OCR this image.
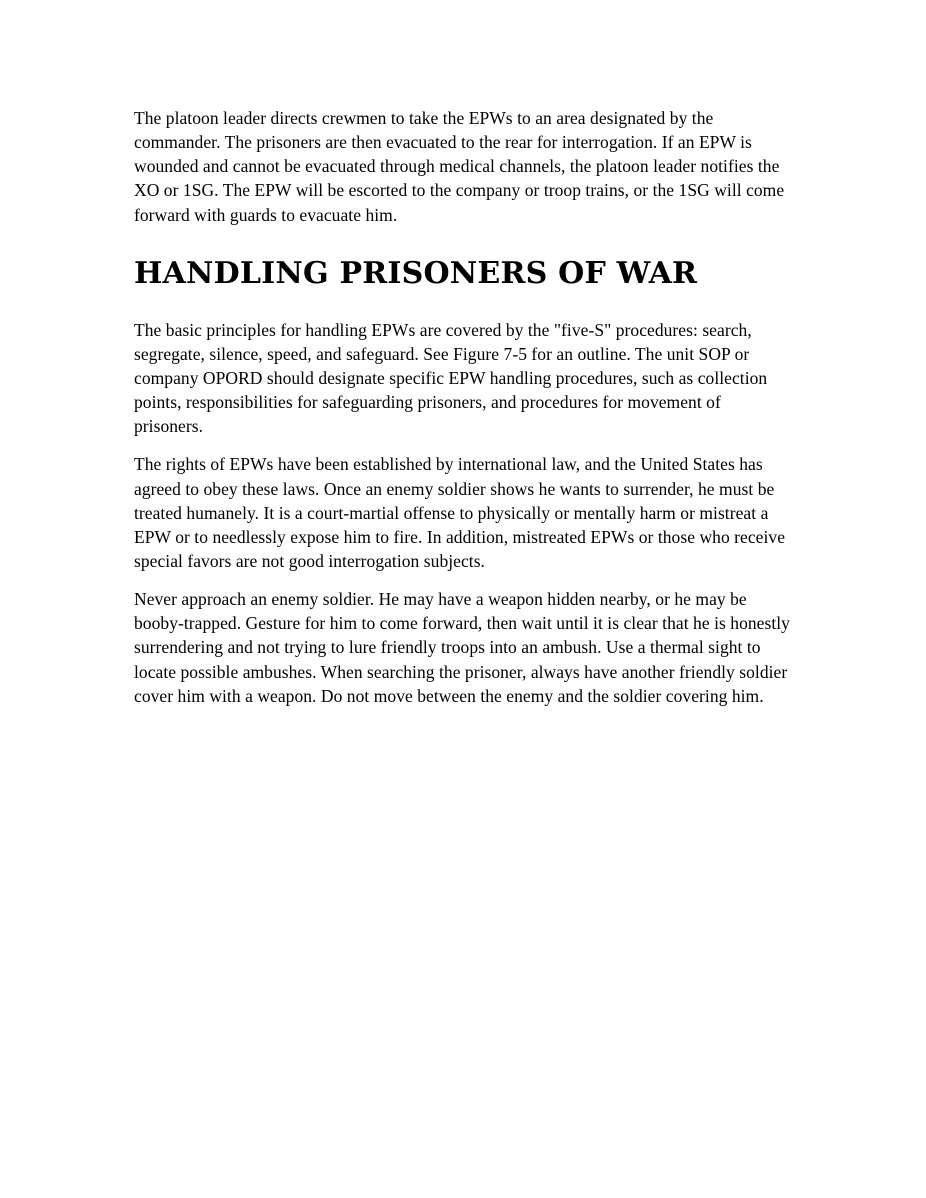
The platoon leader directs crewmen to take the EPWs to an area designated by the commander. The prisoners are then evacuated to the rear for interrogation. If an EPW is wounded and cannot be evacuated through medical channels, the platoon leader notifies the XO or 1SG. The EPW will be escorted to the company or troop trains, or the 1SG will come forward with guards to evacuate him.

HANDLING PRISONERS OF WAR

The basic principles for handling EPWs are covered by the "five-S" procedures: search, segregate, silence, speed, and safeguard. See Figure 7-5 for an outline. The unit SOP or company OPORD should designate specific EPW handling procedures, such as collection points, responsibilities for safeguarding prisoners, and procedures for movement of prisoners.

The rights of EPWs have been established by international law, and the United States has agreed to obey these laws. Once an enemy soldier shows he wants to surrender, he must be treated humanely. It is a court-martial offense to physically or mentally harm or mistreat a EPW or to needlessly expose him to fire. In addition, mistreated EPWs or those who receive special favors are not good interrogation subjects.

Never approach an enemy soldier. He may have a weapon hidden nearby, or he may be booby-trapped. Gesture for him to come forward, then wait until it is clear that he is honestly surrendering and not trying to lure friendly troops into an ambush. Use a thermal sight to locate possible ambushes. When searching the prisoner, always have another friendly soldier cover him with a weapon. Do not move between the enemy and the soldier covering him.
